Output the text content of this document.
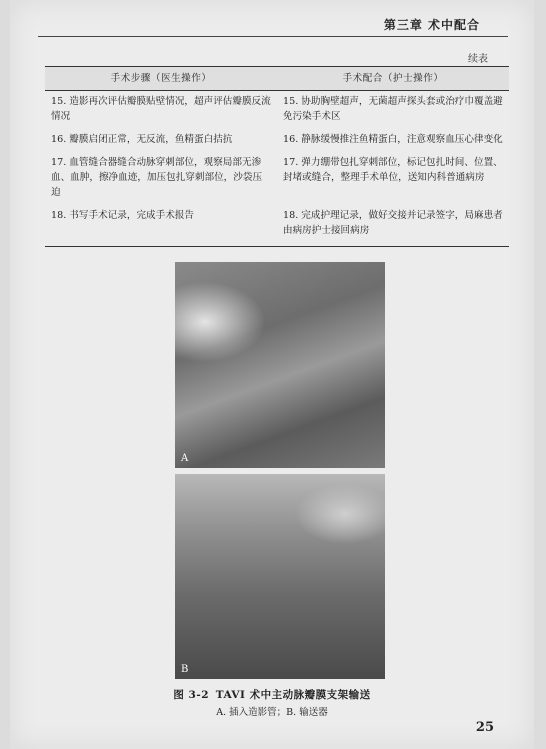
第三章 术中配合
续表
手术步骤（医生操作）	手术配合（护士操作）
15. 造影再次评估瓣膜贴壁情况，超声评估瓣膜反流情况	15. 协助胸壁超声，无菌超声探头套或治疗巾覆盖避免污染手术区
16. 瓣膜启闭正常，无反流，鱼精蛋白拮抗	16. 静脉缓慢推注鱼精蛋白，注意观察血压心律变化
17. 血管缝合器缝合动脉穿刺部位，观察局部无渗血、血肿，擦净血迹，加压包扎穿刺部位，沙袋压迫	17. 弹力绷带包扎穿刺部位，标记包扎时间、位置、封堵或缝合，整理手术单位，送知内科普通病房
18. 书写手术记录，完成手术报告	18. 完成护理记录，做好交接并记录签字，局麻患者由病房护士接回病房
A
B
图 3-2 TAVI 术中主动脉瓣膜支架输送
A. 插入造影管；B. 输送器
25
